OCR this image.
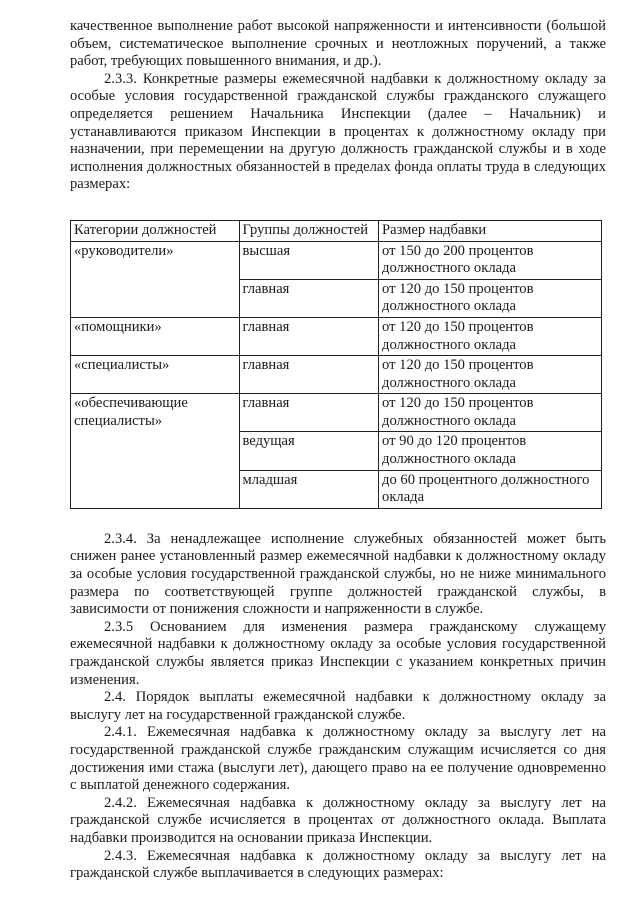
качественное выполнение работ высокой напряженности и интенсивности (большой объем, систематическое выполнение срочных и неотложных поручений, а также работ, требующих повышенного внимания, и др.).

2.3.3. Конкретные размеры ежемесячной надбавки к должностному окладу за особые условия государственной гражданской службы гражданского служащего определяется решением Начальника Инспекции (далее – Начальник) и устанавливаются приказом Инспекции в процентах к должностному окладу при назначении, при перемещении на другую должность гражданской службы и в ходе исполнения должностных обязанностей в пределах фонда оплаты труда в следующих размерах:

Категории должностей	Группы должностей	Размер надбавки
«руководители»	высшая	от 150 до 200 процентов должностного оклада
	главная	от 120 до 150 процентов должностного оклада
«помощники»	главная	от 120 до 150 процентов должностного оклада
«специалисты»	главная	от 120 до 150 процентов должностного оклада
«обеспечивающие специалисты»	главная	от 120 до 150 процентов должностного оклада
	ведущая	от 90 до 120 процентов должностного оклада
	младшая	до 60 процентного должностного оклада

2.3.4. За ненадлежащее исполнение служебных обязанностей может быть снижен ранее установленный размер ежемесячной надбавки к должностному окладу за особые условия государственной гражданской службы, но не ниже минимального размера по соответствующей группе должностей гражданской службы, в зависимости от понижения сложности и напряженности в службе.

2.3.5 Основанием для изменения размера гражданскому служащему ежемесячной надбавки к должностному окладу за особые условия государственной гражданской службы является приказ Инспекции с указанием конкретных причин изменения.

2.4. Порядок выплаты ежемесячной надбавки к должностному окладу за выслугу лет на государственной гражданской службе.

2.4.1. Ежемесячная надбавка к должностному окладу за выслугу лет на государственной гражданской службе гражданским служащим исчисляется со дня достижения ими стажа (выслуги лет), дающего право на ее получение одновременно с выплатой денежного содержания.

2.4.2. Ежемесячная надбавка к должностному окладу за выслугу лет на гражданской службе исчисляется в процентах от должностного оклада. Выплата надбавки производится на основании приказа Инспекции.

2.4.3. Ежемесячная надбавка к должностному окладу за выслугу лет на гражданской службе выплачивается в следующих размерах:
